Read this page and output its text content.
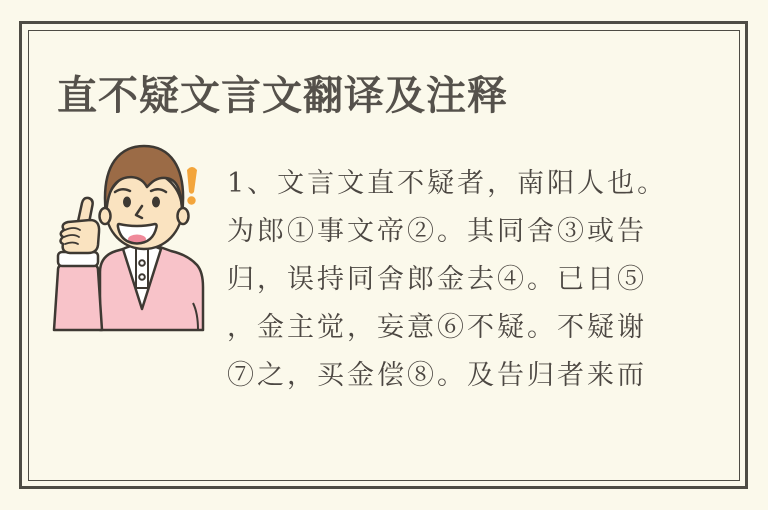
直不疑文言文翻译及注释
1、文言文直不疑者，南阳人也。
为郎①事文帝②。其同舍③或告
归，误持同舍郎金去④。已日⑤
，金主觉，妄意⑥不疑。不疑谢
⑦之，买金偿⑧。及告归者来而
